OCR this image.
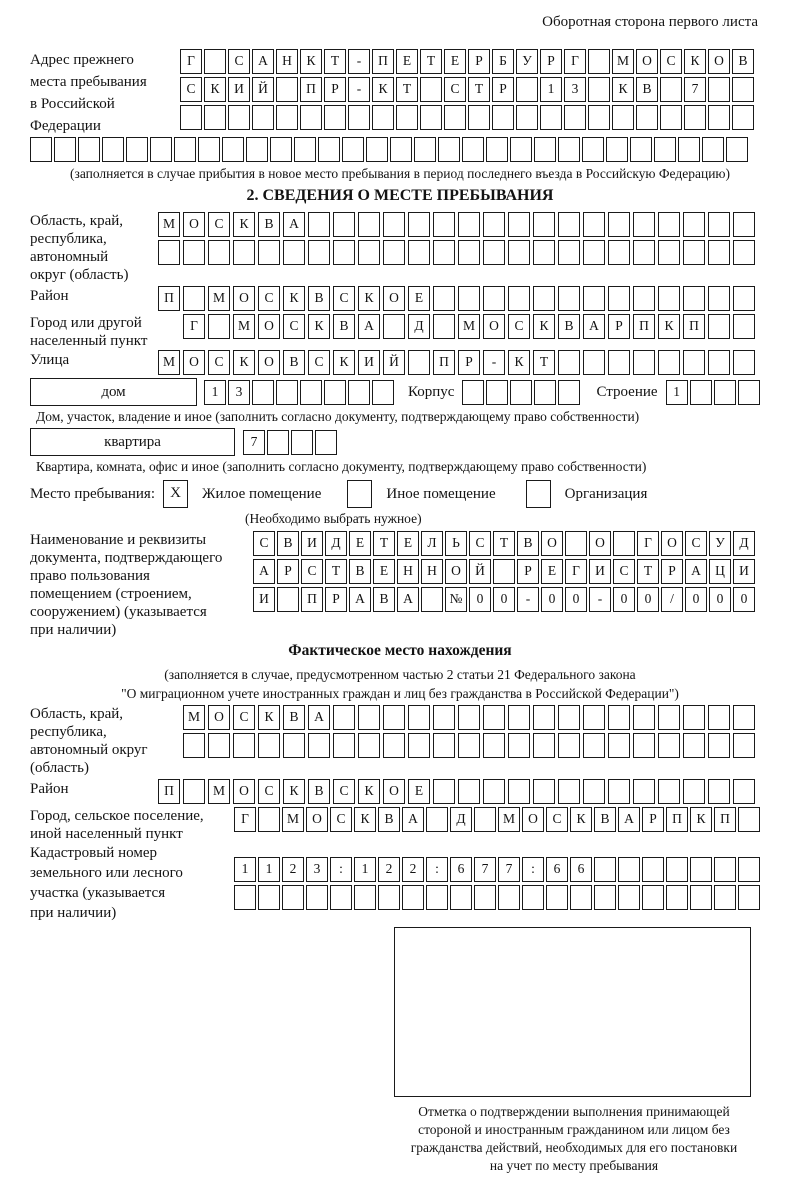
Оборотная сторона первого листа
Адрес прежнего
места пребывания
в Российской
Федерации
Г	С	А	Н	К	Т	-	П	Е	Т	Е	Р	Б	У	Р	Г	М О	С	К	О	В
С	К	И	Й	П	Р	-	К	Т	С	Т	Р	1	3	К	В	7
(заполняется в случае прибытия в новое место пребывания в период последнего въезда в Российскую Федерацию)
2. СВЕДЕНИЯ О МЕСТЕ ПРЕБЫВАНИЯ
Область, край,
республика,
автономный
округ (область)
М	О	С	К	В	А
Район	П	М	О	С	К	В	С	К	О	Е
Город или другой
населенный пункт
Г	М	О	С	К	В	А	Д	М	О	С	К	В	А	Р	П	К	П
Улица	М	О	С	К	О	В	С	К	И	Й	П	Р	-	К	Т
дом	1	3	Корпус	Строение	1
Дом, участок, владение и иное (заполнить согласно документу, подтверждающему право собственности)
квартира	7
Квартира, комната, офис и иное (заполнить согласно документу, подтверждающему право собственности)
Место пребывания:	X	Жилое помещение	Иное помещение	Организация
(Необходимо выбрать нужное)
Наименование и реквизиты
документа, подтверждающего
право пользования
помещением (строением,
сооружением) (указывается
при наличии)
С	В	И	Д	Е	Т	Е	Л	Ь	С	Т	В	О	О	Г	О	С	У	Д
А	Р	С	Т	В	Е	Н	Н	О	Й	Р	Е	Г	И	С	Т	Р	А	Ц	И
И	П	Р	А	В	А	№	0	0	-	0	0	-	0	0	/	0	0	0
Фактическое место нахождения
(заполняется в случае, предусмотренном частью 2 статьи 21 Федерального закона
"О миграционном учете иностранных граждан и лиц без гражданства в Российской Федерации")
Область, край,
республика,
автономный округ
(область)
М	О	С	К	В	А
Район	П	М	О	С	К	В	С	К	О	Е
Город, сельское поселение,
иной населенный пункт
Г	М О	С	К	В	А	Д	М О	С	К	В	А	Р	П	К	П
Кадастровый номер
земельного или лесного
участка (указывается
при наличии)
1	1	2	3	:	1	2	2	:	6	7	7	:	6	6
Отметка о подтверждении выполнения принимающей
стороной и иностранным гражданином или лицом без
гражданства действий, необходимых для его постановки
на учет по месту пребывания
